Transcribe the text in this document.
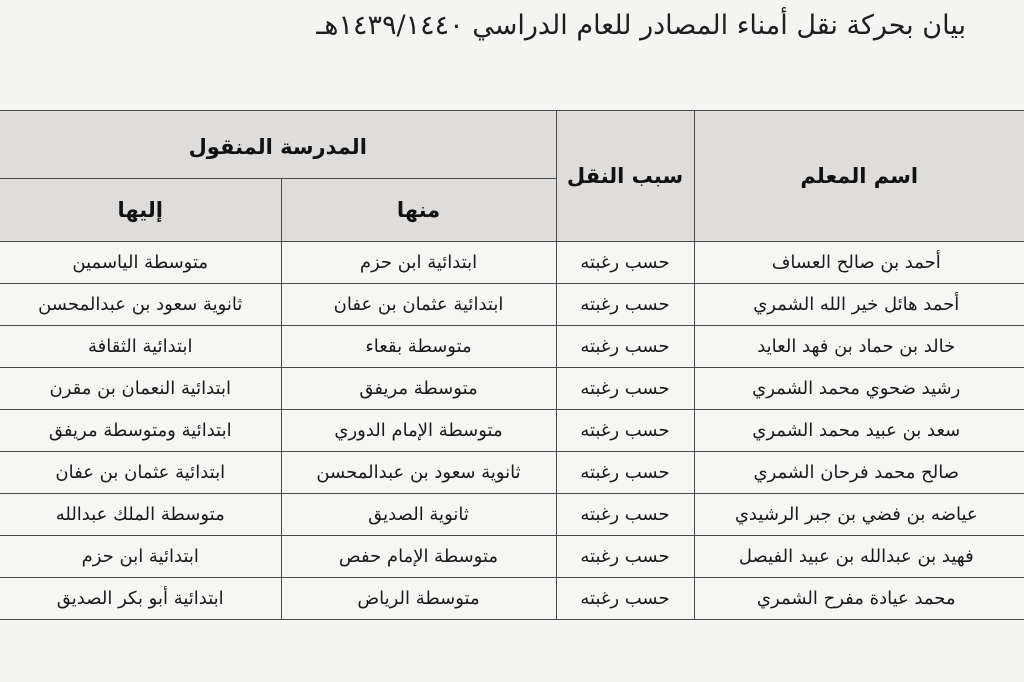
بيان بحركة نقل أمناء المصادر للعام الدراسي ١٤٣٩/١٤٤٠هـ
اسم المعلم	سبب النقل	المدرسة المنقول	
		منها	إليها
أحمد بن صالح العساف	حسب رغبته	ابتدائية ابن حزم	متوسطة الياسمين
أحمد هائل خير الله الشمري	حسب رغبته	ابتدائية عثمان بن عفان	ثانوية سعود بن عبدالمحسن
خالد بن حماد بن فهد العايد	حسب رغبته	متوسطة بقعاء	ابتدائية الثقافة
رشيد ضحوي محمد الشمري	حسب رغبته	متوسطة مريفق	ابتدائية النعمان بن مقرن
سعد بن عبيد محمد الشمري	حسب رغبته	متوسطة الإمام الدوري	ابتدائية ومتوسطة مريفق
صالح محمد فرحان الشمري	حسب رغبته	ثانوية سعود بن عبدالمحسن	ابتدائية عثمان بن عفان
عياضه بن فضي بن جبر الرشيدي	حسب رغبته	ثانوية الصديق	متوسطة الملك عبدالله
فهيد بن عبدالله بن عبيد الفيصل	حسب رغبته	متوسطة الإمام حفص	ابتدائية ابن حزم
محمد عيادة مفرح الشمري	حسب رغبته	متوسطة الرياض	ابتدائية أبو بكر الصديق
